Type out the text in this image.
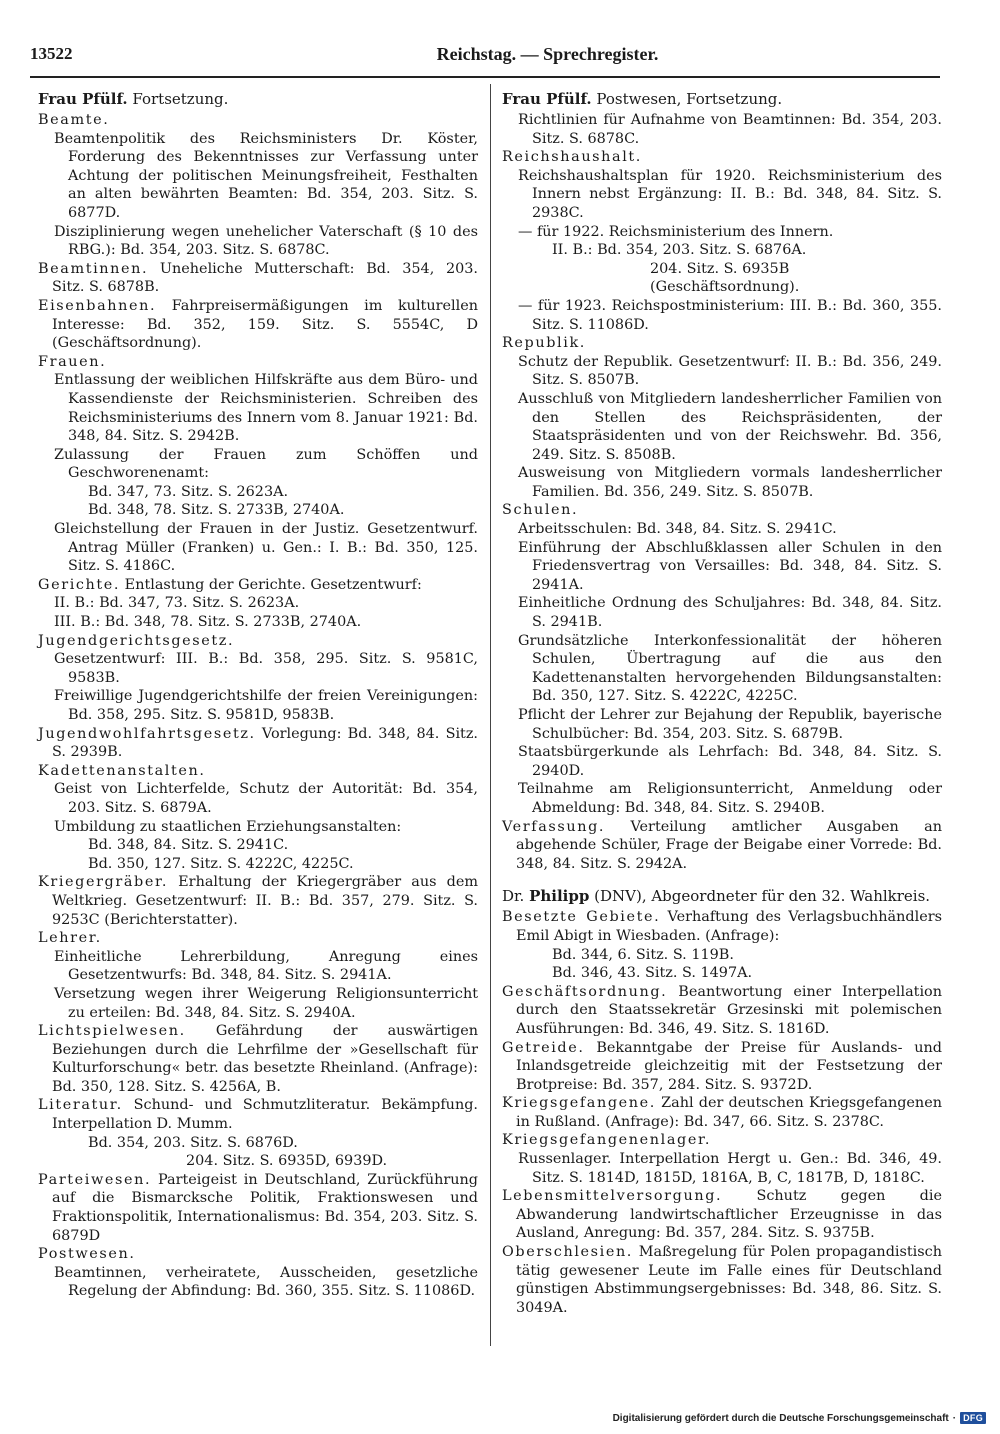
13522	Reichstag. — Sprechregister.
Frau Pfülf. Fortsetzung.
Beamte.
Beamtenpolitik des Reichsministers Dr. Köster, Forderung des Bekenntnisses zur Verfassung unter Achtung der politischen Meinungsfreiheit, Festhalten an alten bewährten Beamten: Bd. 354, 203. Sitz. S. 6877D.
Disziplinierung wegen unehelicher Vaterschaft (§ 10 des RBG.): Bd. 354, 203. Sitz. S. 6878C.
Beamtinnen. Uneheliche Mutterschaft: Bd. 354, 203. Sitz. S. 6878B.
Eisenbahnen. Fahrpreisermäßigungen im kulturellen Interesse: Bd. 352, 159. Sitz. S. 5554C, D (Geschäftsordnung).
Frauen.
Entlassung der weiblichen Hilfskräfte aus dem Büro- und Kassendienste der Reichsministerien. Schreiben des Reichsministeriums des Innern vom 8. Januar 1921: Bd. 348, 84. Sitz. S. 2942B.
Zulassung der Frauen zum Schöffen und Geschworenenamt:
Bd. 347, 73. Sitz. S. 2623A.
Bd. 348, 78. Sitz. S. 2733B, 2740A.
Gleichstellung der Frauen in der Justiz. Gesetzentwurf. Antrag Müller (Franken) u. Gen.: I. B.: Bd. 350, 125. Sitz. S. 4186C.
Gerichte. Entlastung der Gerichte. Gesetzentwurf:
II. B.: Bd. 347, 73. Sitz. S. 2623A.
III. B.: Bd. 348, 78. Sitz. S. 2733B, 2740A.
Jugendgerichtsgesetz.
Gesetzentwurf: III. B.: Bd. 358, 295. Sitz. S. 9581C, 9583B.
Freiwillige Jugendgerichtshilfe der freien Vereinigungen: Bd. 358, 295. Sitz. S. 9581D, 9583B.
Jugendwohlfahrtsgesetz. Vorlegung: Bd. 348, 84. Sitz. S. 2939B.
Kadettenanstalten.
Geist von Lichterfelde, Schutz der Autorität: Bd. 354, 203. Sitz. S. 6879A.
Umbildung zu staatlichen Erziehungsanstalten:
Bd. 348, 84. Sitz. S. 2941C.
Bd. 350, 127. Sitz. S. 4222C, 4225C.
Kriegergräber. Erhaltung der Kriegergräber aus dem Weltkrieg. Gesetzentwurf: II. B.: Bd. 357, 279. Sitz. S. 9253C (Berichterstatter).
Lehrer.
Einheitliche Lehrerbildung, Anregung eines Gesetzentwurfs: Bd. 348, 84. Sitz. S. 2941A.
Versetzung wegen ihrer Weigerung Religionsunterricht zu erteilen: Bd. 348, 84. Sitz. S. 2940A.
Lichtspielwesen. Gefährdung der auswärtigen Beziehungen durch die Lehrfilme der »Gesellschaft für Kulturforschung« betr. das besetzte Rheinland. (Anfrage): Bd. 350, 128. Sitz. S. 4256A, B.
Literatur. Schund- und Schmutzliteratur. Bekämpfung. Interpellation D. Mumm.
Bd. 354, 203. Sitz. S. 6876D.
204. Sitz. S. 6935D, 6939D.
Parteiwesen. Parteigeist in Deutschland, Zurückführung auf die Bismarcksche Politik, Fraktionswesen und Fraktionspolitik, Internationalismus: Bd. 354, 203. Sitz. S. 6879D
Postwesen.
Beamtinnen, verheiratete, Ausscheiden, gesetzliche Regelung der Abfindung: Bd. 360, 355. Sitz. S. 11086D.
Frau Pfülf. Postwesen, Fortsetzung.
Richtlinien für Aufnahme von Beamtinnen: Bd. 354, 203. Sitz. S. 6878C.
Reichshaushalt.
Reichshaushaltsplan für 1920. Reichsministerium des Innern nebst Ergänzung: II. B.: Bd. 348, 84. Sitz. S. 2938C.
— für 1922. Reichsministerium des Innern.
II. B.: Bd. 354, 203. Sitz. S. 6876A.
204. Sitz. S. 6935B (Geschäftsordnung).
— für 1923. Reichspostministerium: III. B.: Bd. 360, 355. Sitz. S. 11086D.
Republik.
Schutz der Republik. Gesetzentwurf: II. B.: Bd. 356, 249. Sitz. S. 8507B.
Ausschluß von Mitgliedern landesherrlicher Familien von den Stellen des Reichspräsidenten, der Staatspräsidenten und von der Reichswehr. Bd. 356, 249. Sitz. S. 8508B.
Ausweisung von Mitgliedern vormals landesherrlicher Familien. Bd. 356, 249. Sitz. S. 8507B.
Schulen.
Arbeitsschulen: Bd. 348, 84. Sitz. S. 2941C.
Einführung der Abschlußklassen aller Schulen in den Friedensvertrag von Versailles: Bd. 348, 84. Sitz. S. 2941A.
Einheitliche Ordnung des Schuljahres: Bd. 348, 84. Sitz. S. 2941B.
Grundsätzliche Interkonfessionalität der höheren Schulen, Übertragung auf die aus den Kadettenanstalten hervorgehenden Bildungsanstalten: Bd. 350, 127. Sitz. S. 4222C, 4225C.
Pflicht der Lehrer zur Bejahung der Republik, bayerische Schulbücher: Bd. 354, 203. Sitz. S. 6879B.
Staatsbürgerkunde als Lehrfach: Bd. 348, 84. Sitz. S. 2940D.
Teilnahme am Religionsunterricht, Anmeldung oder Abmeldung: Bd. 348, 84. Sitz. S. 2940B.
Verfassung. Verteilung amtlicher Ausgaben an abgehende Schüler, Frage der Beigabe einer Vorrede: Bd. 348, 84. Sitz. S. 2942A.
Dr. Philipp (DNV), Abgeordneter für den 32. Wahlkreis.
Besetzte Gebiete. Verhaftung des Verlagsbuchhändlers Emil Abigt in Wiesbaden. (Anfrage):
Bd. 344, 6. Sitz. S. 119B.
Bd. 346, 43. Sitz. S. 1497A.
Geschäftsordnung. Beantwortung einer Interpellation durch den Staatssekretär Grzesinski mit polemischen Ausführungen: Bd. 346, 49. Sitz. S. 1816D.
Getreide. Bekanntgabe der Preise für Auslands- und Inlandsgetreide gleichzeitig mit der Festsetzung der Brotpreise: Bd. 357, 284. Sitz. S. 9372D.
Kriegsgefangene. Zahl der deutschen Kriegsgefangenen in Rußland. (Anfrage): Bd. 347, 66. Sitz. S. 2378C.
Kriegsgefangenenlager.
Russenlager. Interpellation Hergt u. Gen.: Bd. 346, 49. Sitz. S. 1814D, 1815D, 1816A, B, C, 1817B, D, 1818C.
Lebensmittelversorgung. Schutz gegen die Abwanderung landwirtschaftlicher Erzeugnisse in das Ausland, Anregung: Bd. 357, 284. Sitz. S. 9375B.
Oberschlesien. Maßregelung für Polen propagandistisch tätig gewesener Leute im Falle eines für Deutschland günstigen Abstimmungsergebnisses: Bd. 348, 86. Sitz. S. 3049A.
Digitalisierung gefördert durch die Deutsche Forschungsgemeinschaft · DFG
